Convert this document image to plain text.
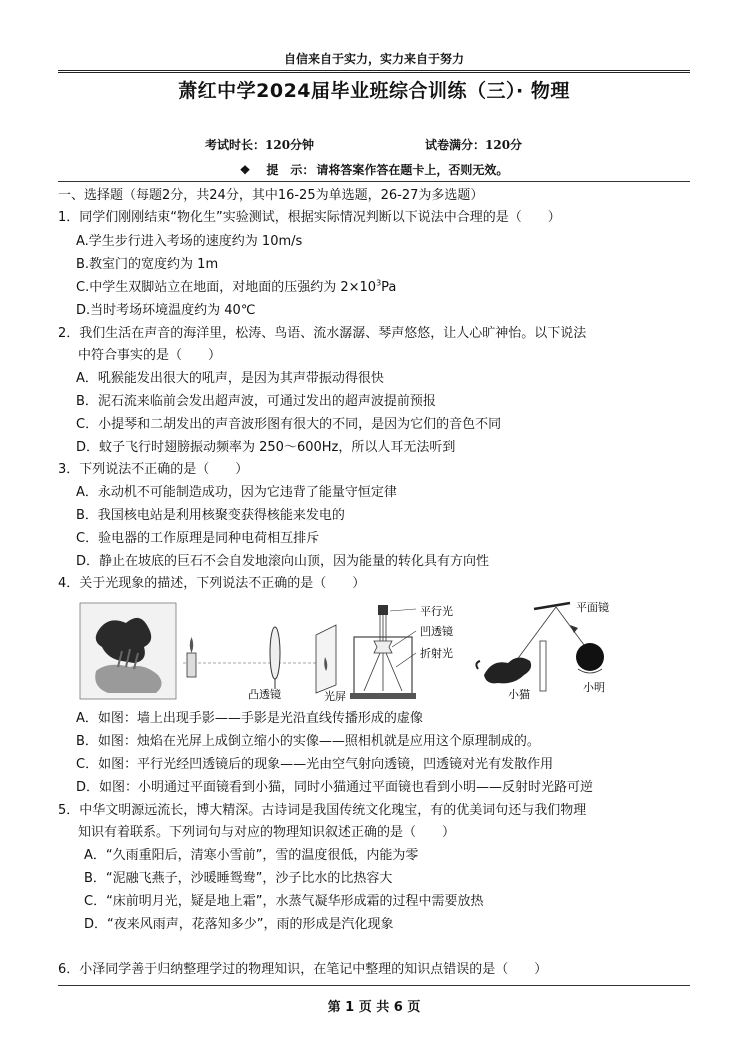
自信来自于实力，实力来自于努力
萧红中学2024届毕业班综合训练（三）· 物理
考试时长：120分钟	试卷满分：120分
❖ 提　示： 请将答案作答在题卡上，否则无效。
一、选择题（每题2分，共24分，其中16-25为单选题，26-27为多选题）
1．同学们刚刚结束“物化生”实验测试，根据实际情况判断以下说法中合理的是（　　）
A.学生步行进入考场的速度约为 10m/s
B.教室门的宽度约为 1m
C.中学生双脚站立在地面，对地面的压强约为 $2\times 10^3Pa$
D.当时考场环境温度约为 40℃
2．我们生活在声音的海洋里，松涛、鸟语、流水潺潺、琴声悠悠，让人心旷神怡。以下说法
中符合事实的是（　　）
A．吼猴能发出很大的吼声，是因为其声带振动得很快
B．泥石流来临前会发出超声波，可通过发出的超声波提前预报
C．小提琴和二胡发出的声音波形图有很大的不同，是因为它们的音色不同
D．蚊子飞行时翅膀振动频率为 250～600Hz，所以人耳无法听到
3．下列说法不正确的是（　　）
A．永动机不可能制造成功，因为它违背了能量守恒定律
B．我国核电站是利用核聚变获得核能来发电的
C．验电器的工作原理是同种电荷相互排斥
D．静止在坡底的巨石不会自发地滚向山顶，因为能量的转化具有方向性
4．关于光现象的描述，下列说法不正确的是（　　）
凸透镜	光屏
平行光
凹透镜
折射光
平面镜
小猫
小明
A．如图：墙上出现手影——手影是光沿直线传播形成的虚像
B．如图：烛焰在光屏上成倒立缩小的实像——照相机就是应用这个原理制成的。
C．如图：平行光经凹透镜后的现象——光由空气射向透镜，凹透镜对光有发散作用
D．如图：小明通过平面镜看到小猫，同时小猫通过平面镜也看到小明——反射时光路可逆
5．中华文明源远流长，博大精深。古诗词是我国传统文化瑰宝，有的优美词句还与我们物理
知识有着联系。下列词句与对应的物理知识叙述正确的是（　　）
A．“久雨重阳后，清寒小雪前”，雪的温度很低，内能为零
B．“泥融飞燕子，沙暖睡鸳鸯”，沙子比水的比热容大
C．“床前明月光，疑是地上霜”，水蒸气凝华形成霜的过程中需要放热
D．“夜来风雨声，花落知多少”，雨的形成是汽化现象
6．小泽同学善于归纳整理学过的物理知识，在笔记中整理的知识点错误的是（　　）
第 1 页 共 6 页
